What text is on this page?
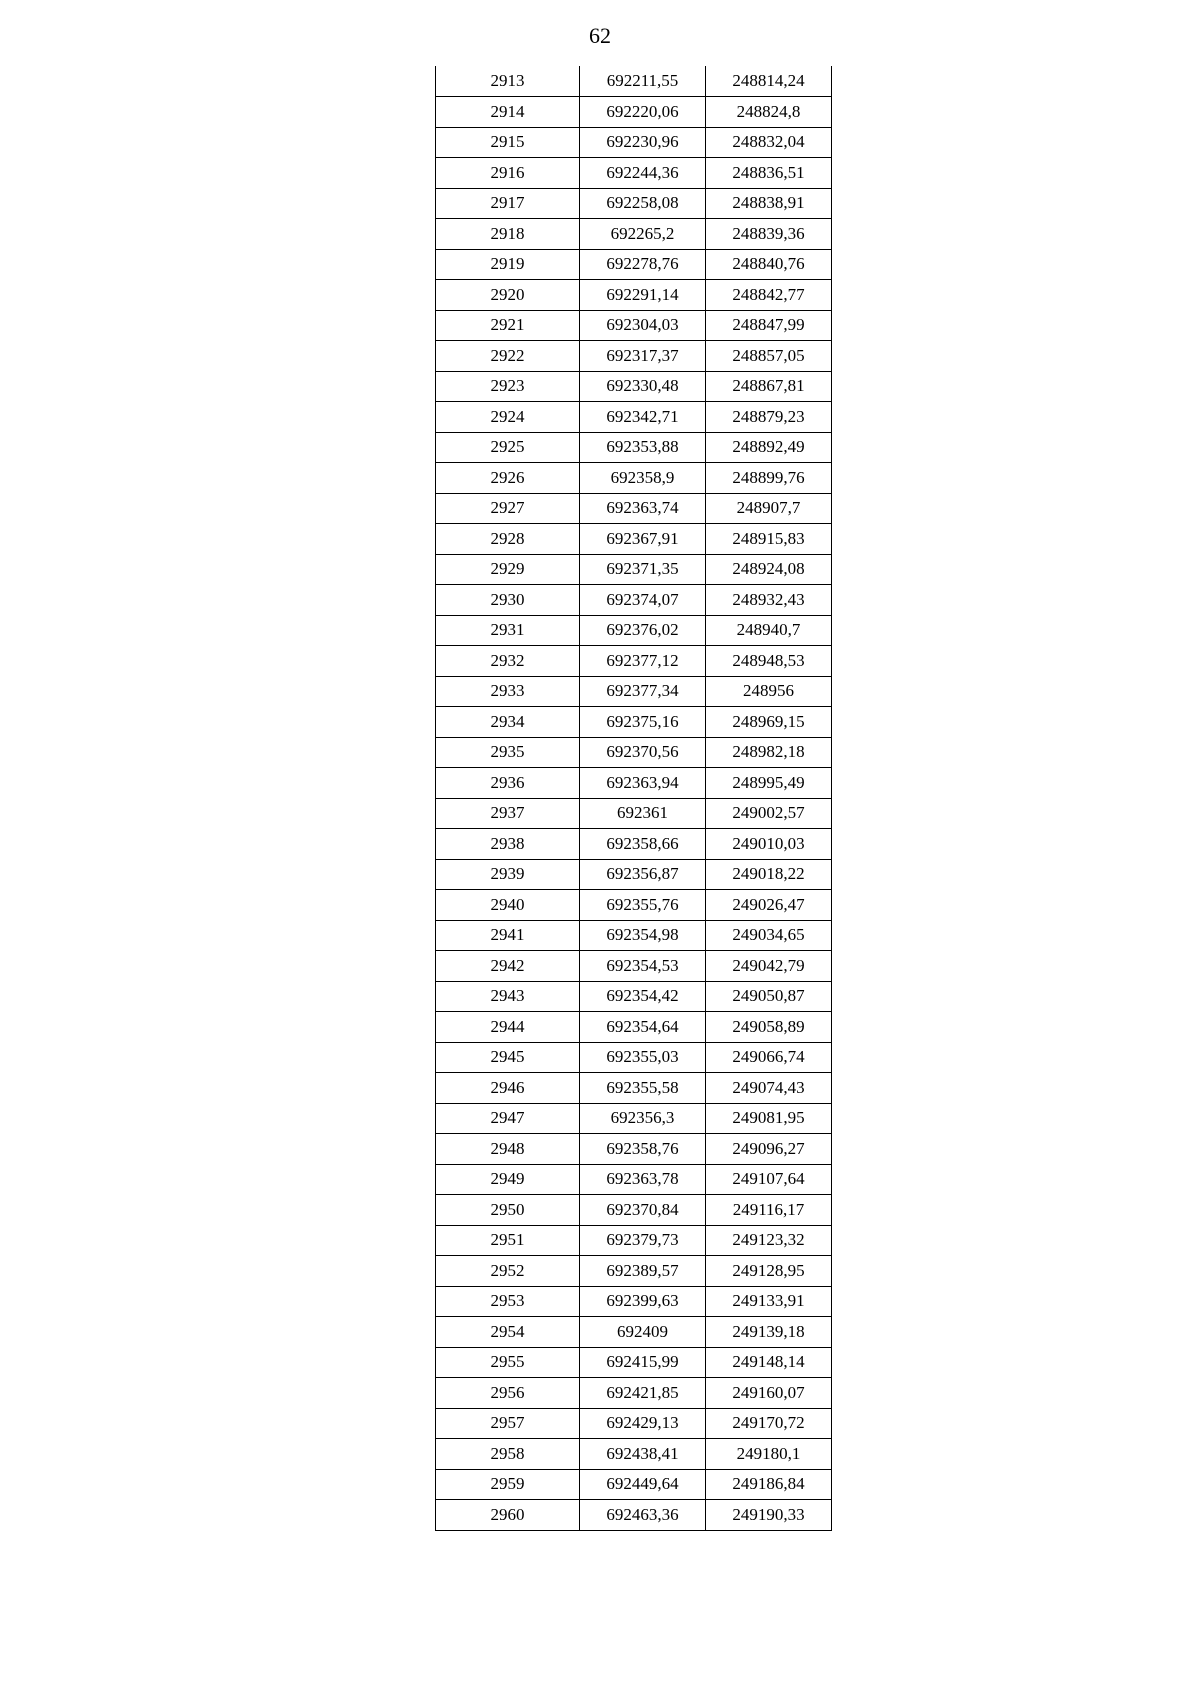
62
2913	692211,55	248814,24
2914	692220,06	248824,8
2915	692230,96	248832,04
2916	692244,36	248836,51
2917	692258,08	248838,91
2918	692265,2	248839,36
2919	692278,76	248840,76
2920	692291,14	248842,77
2921	692304,03	248847,99
2922	692317,37	248857,05
2923	692330,48	248867,81
2924	692342,71	248879,23
2925	692353,88	248892,49
2926	692358,9	248899,76
2927	692363,74	248907,7
2928	692367,91	248915,83
2929	692371,35	248924,08
2930	692374,07	248932,43
2931	692376,02	248940,7
2932	692377,12	248948,53
2933	692377,34	248956
2934	692375,16	248969,15
2935	692370,56	248982,18
2936	692363,94	248995,49
2937	692361	249002,57
2938	692358,66	249010,03
2939	692356,87	249018,22
2940	692355,76	249026,47
2941	692354,98	249034,65
2942	692354,53	249042,79
2943	692354,42	249050,87
2944	692354,64	249058,89
2945	692355,03	249066,74
2946	692355,58	249074,43
2947	692356,3	249081,95
2948	692358,76	249096,27
2949	692363,78	249107,64
2950	692370,84	249116,17
2951	692379,73	249123,32
2952	692389,57	249128,95
2953	692399,63	249133,91
2954	692409	249139,18
2955	692415,99	249148,14
2956	692421,85	249160,07
2957	692429,13	249170,72
2958	692438,41	249180,1
2959	692449,64	249186,84
2960	692463,36	249190,33
